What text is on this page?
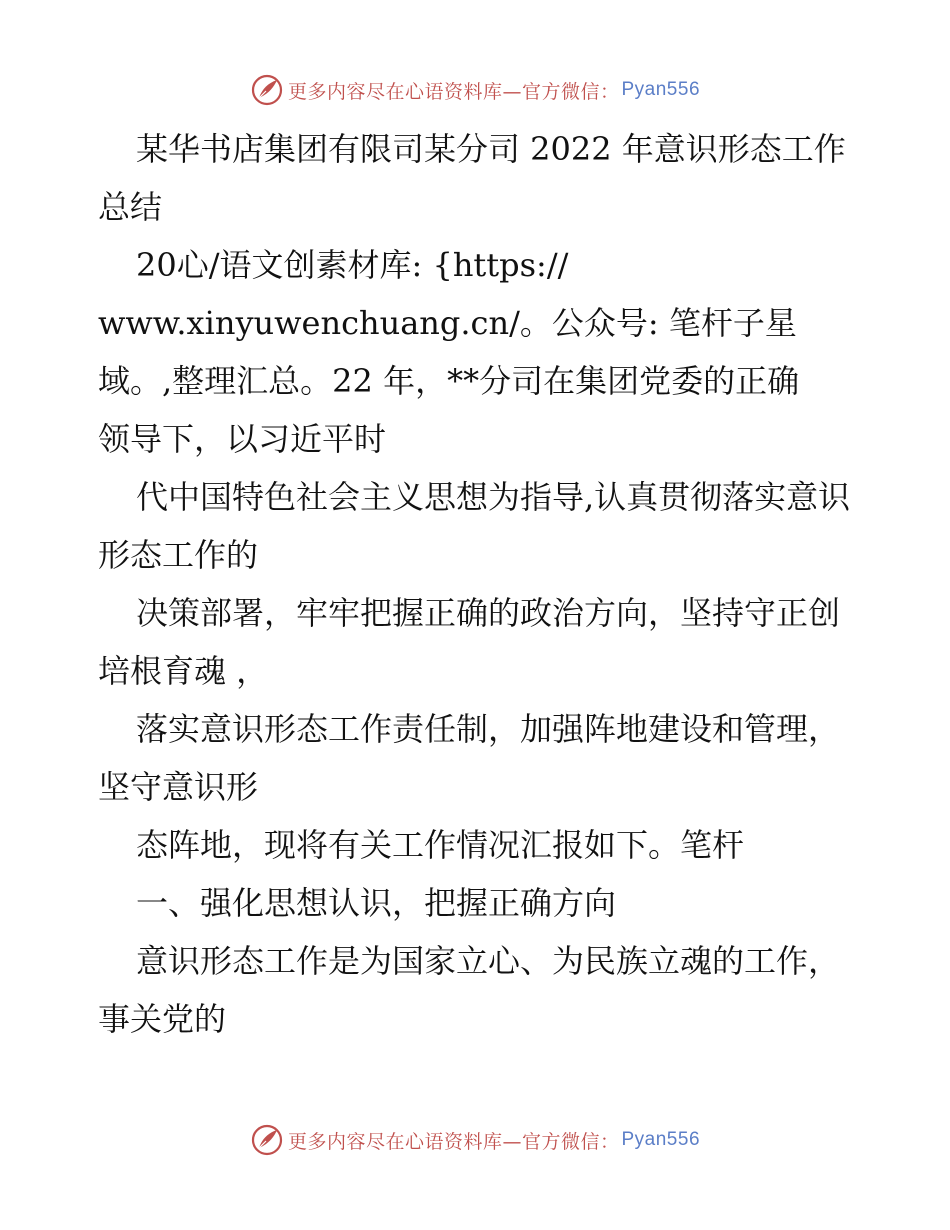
更多内容尽在心语资料库—官方微信： Pyan556

某华书店集团有限司某分司 2022 年意识形态工作总结

20心/语文创素材库: {https://

www.xinyuwenchuang.cn/。公众号: 笔杆子星域。,整理汇总。22 年，**分司在集团党委的正确领导下，以习近平时

代中国特色社会主义思想为指导,认真贯彻落实意识形态工作的

决策部署，牢牢把握正确的政治方向，坚持守正创培根育魂 ，

落实意识形态工作责任制，加强阵地建设和管理，坚守意识形

态阵地，现将有关工作情况汇报如下。笔杆

一、强化思想认识，把握正确方向

意识形态工作是为国家立心、为民族立魂的工作，事关党的

更多内容尽在心语资料库—官方微信： Pyan556
